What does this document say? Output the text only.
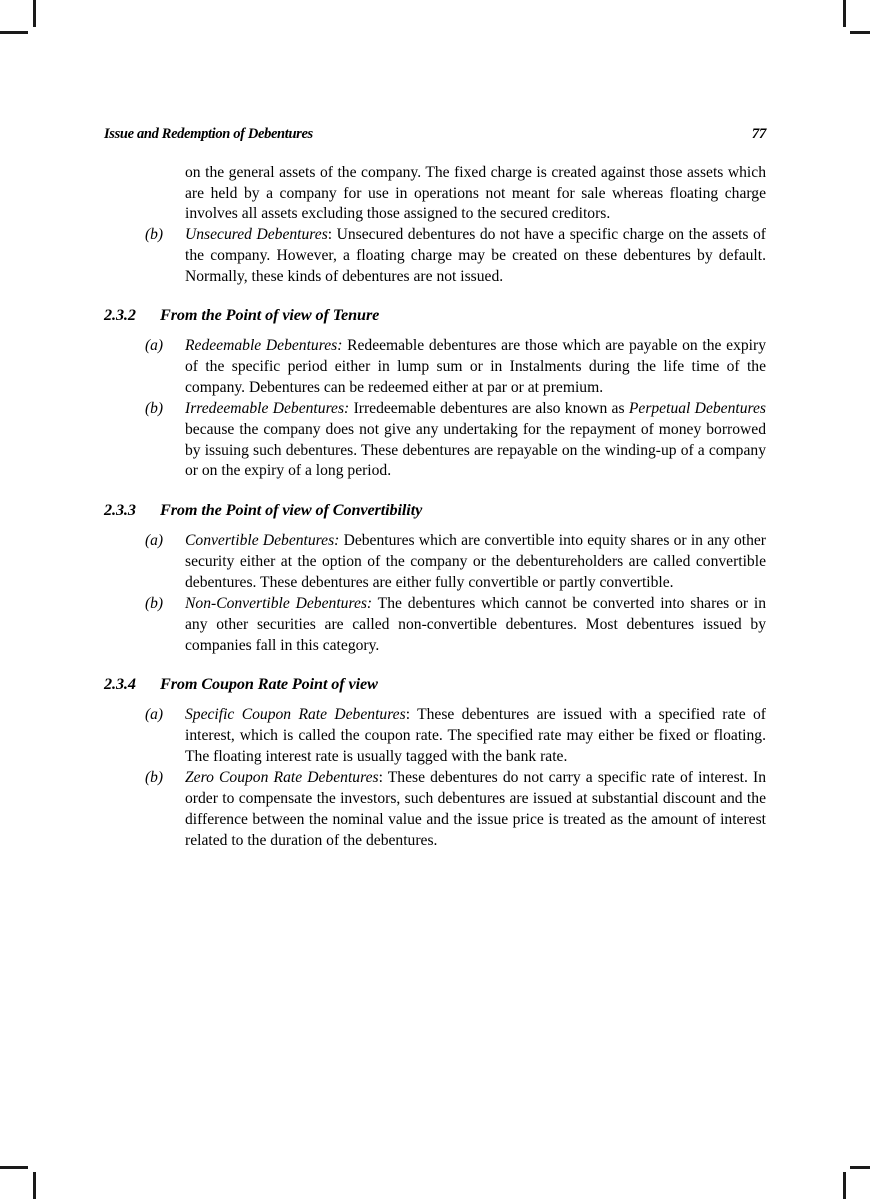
Issue and Redemption of Debentures	77
on the general assets of the company. The fixed charge is created against those assets which are held by a company for use in operations not meant for sale whereas floating charge involves all assets excluding those assigned to the secured creditors.
(b)	Unsecured Debentures: Unsecured debentures do not have a specific charge on the assets of the company. However, a floating charge may be created on these debentures by default. Normally, these kinds of debentures are not issued.
2.3.2	From the Point of view of Tenure
(a)	Redeemable Debentures: Redeemable debentures are those which are payable on the expiry of the specific period either in lump sum or in Instalments during the life time of the company. Debentures can be redeemed either at par or at premium.
(b)	Irredeemable Debentures: Irredeemable debentures are also known as Perpetual Debentures because the company does not give any undertaking for the repayment of money borrowed by issuing such debentures. These debentures are repayable on the winding-up of a company or on the expiry of a long period.
2.3.3	From the Point of view of Convertibility
(a)	Convertible Debentures: Debentures which are convertible into equity shares or in any other security either at the option of the company or the debentureholders are called convertible debentures. These debentures are either fully convertible or partly convertible.
(b)	Non-Convertible Debentures: The debentures which cannot be converted into shares or in any other securities are called non-convertible debentures. Most debentures issued by companies fall in this category.
2.3.4	From Coupon Rate Point of view
(a)	Specific Coupon Rate Debentures: These debentures are issued with a specified rate of interest, which is called the coupon rate. The specified rate may either be fixed or floating. The floating interest rate is usually tagged with the bank rate.
(b)	Zero Coupon Rate Debentures: These debentures do not carry a specific rate of interest. In order to compensate the investors, such debentures are issued at substantial discount and the difference between the nominal value and the issue price is treated as the amount of interest related to the duration of the debentures.
